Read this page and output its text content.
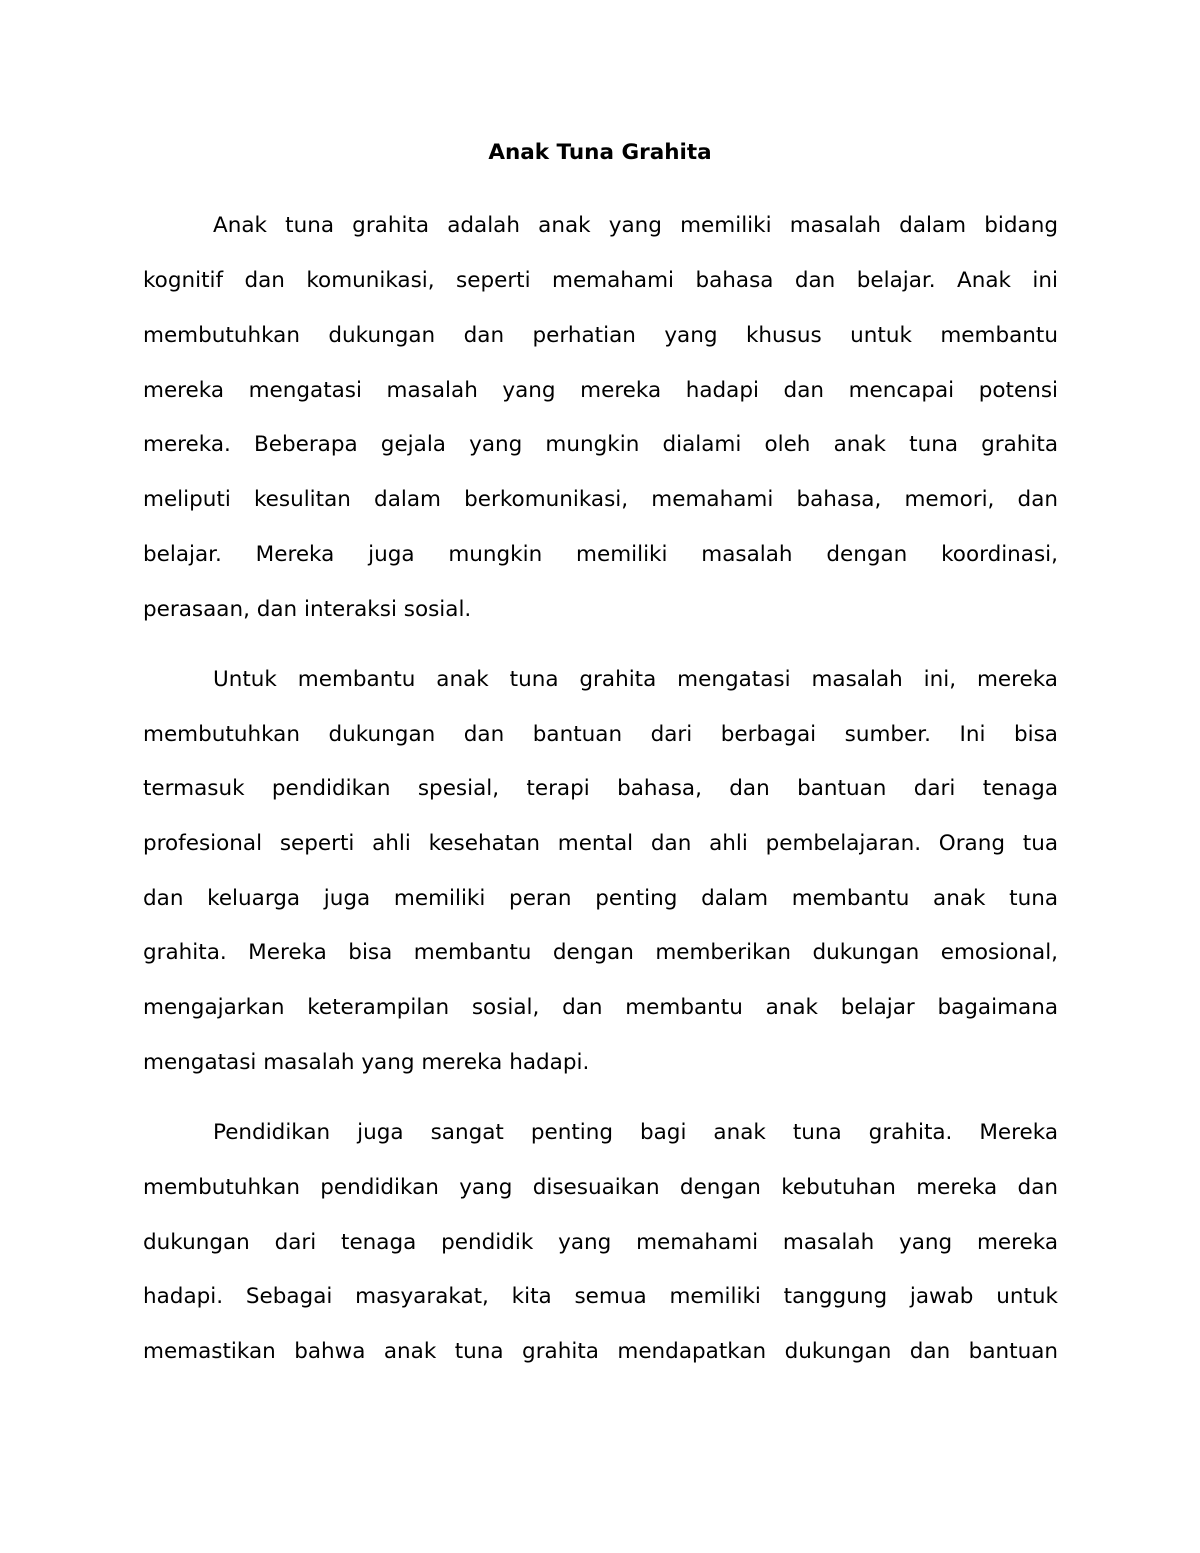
Anak Tuna Grahita
Anak tuna grahita adalah anak yang memiliki masalah dalam bidang
kognitif dan komunikasi, seperti memahami bahasa dan belajar. Anak ini
membutuhkan dukungan dan perhatian yang khusus untuk membantu
mereka mengatasi masalah yang mereka hadapi dan mencapai potensi
mereka. Beberapa gejala yang mungkin dialami oleh anak tuna grahita
meliputi kesulitan dalam berkomunikasi, memahami bahasa, memori, dan
belajar. Mereka juga mungkin memiliki masalah dengan koordinasi,
perasaan, dan interaksi sosial.
Untuk membantu anak tuna grahita mengatasi masalah ini, mereka
membutuhkan dukungan dan bantuan dari berbagai sumber. Ini bisa
termasuk pendidikan spesial, terapi bahasa, dan bantuan dari tenaga
profesional seperti ahli kesehatan mental dan ahli pembelajaran. Orang tua
dan keluarga juga memiliki peran penting dalam membantu anak tuna
grahita. Mereka bisa membantu dengan memberikan dukungan emosional,
mengajarkan keterampilan sosial, dan membantu anak belajar bagaimana
mengatasi masalah yang mereka hadapi.
Pendidikan juga sangat penting bagi anak tuna grahita. Mereka
membutuhkan pendidikan yang disesuaikan dengan kebutuhan mereka dan
dukungan dari tenaga pendidik yang memahami masalah yang mereka
hadapi. Sebagai masyarakat, kita semua memiliki tanggung jawab untuk
memastikan bahwa anak tuna grahita mendapatkan dukungan dan bantuan
